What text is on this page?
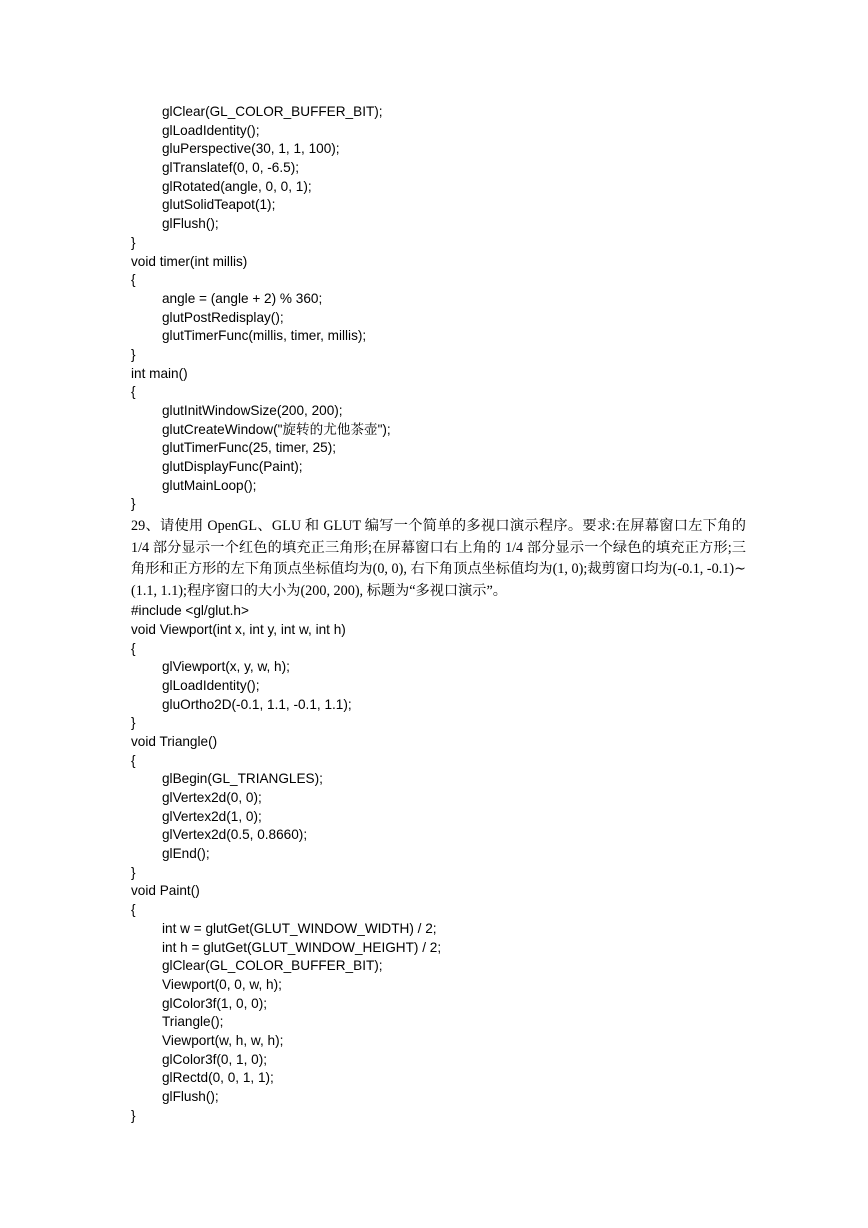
glClear(GL_COLOR_BUFFER_BIT);
glLoadIdentity();
gluPerspective(30, 1, 1, 100);
glTranslatef(0, 0, -6.5);
glRotated(angle, 0, 0, 1);
glutSolidTeapot(1);
glFlush();
}
void timer(int millis)
{
angle = (angle + 2) % 360;
glutPostRedisplay();
glutTimerFunc(millis, timer, millis);
}
int main()
{
glutInitWindowSize(200, 200);
glutCreateWindow("旋转的尤他茶壶");
glutTimerFunc(25, timer, 25);
glutDisplayFunc(Paint);
glutMainLoop();
}

29、请使用 OpenGL、GLU 和 GLUT 编写一个简单的多视口演示程序。要求:在屏幕窗口左下角的 1/4 部分显示一个红色的填充正三角形;在屏幕窗口右上角的 1/4 部分显示一个绿色的填充正方形;三角形和正方形的左下角顶点坐标值均为(0, 0), 右下角顶点坐标值均为(1, 0);裁剪窗口均为(-0.1, -0.1)∼(1.1, 1.1);程序窗口的大小为(200, 200), 标题为“多视口演示”。

#include <gl/glut.h>
void Viewport(int x, int y, int w, int h)
{
glViewport(x, y, w, h);
glLoadIdentity();
gluOrtho2D(-0.1, 1.1, -0.1, 1.1);
}
void Triangle()
{
glBegin(GL_TRIANGLES);
glVertex2d(0, 0);
glVertex2d(1, 0);
glVertex2d(0.5, 0.8660);
glEnd();
}
void Paint()
{
int w = glutGet(GLUT_WINDOW_WIDTH) / 2;
int h = glutGet(GLUT_WINDOW_HEIGHT) / 2;
glClear(GL_COLOR_BUFFER_BIT);
Viewport(0, 0, w, h);
glColor3f(1, 0, 0);
Triangle();
Viewport(w, h, w, h);
glColor3f(0, 1, 0);
glRectd(0, 0, 1, 1);
glFlush();
}
